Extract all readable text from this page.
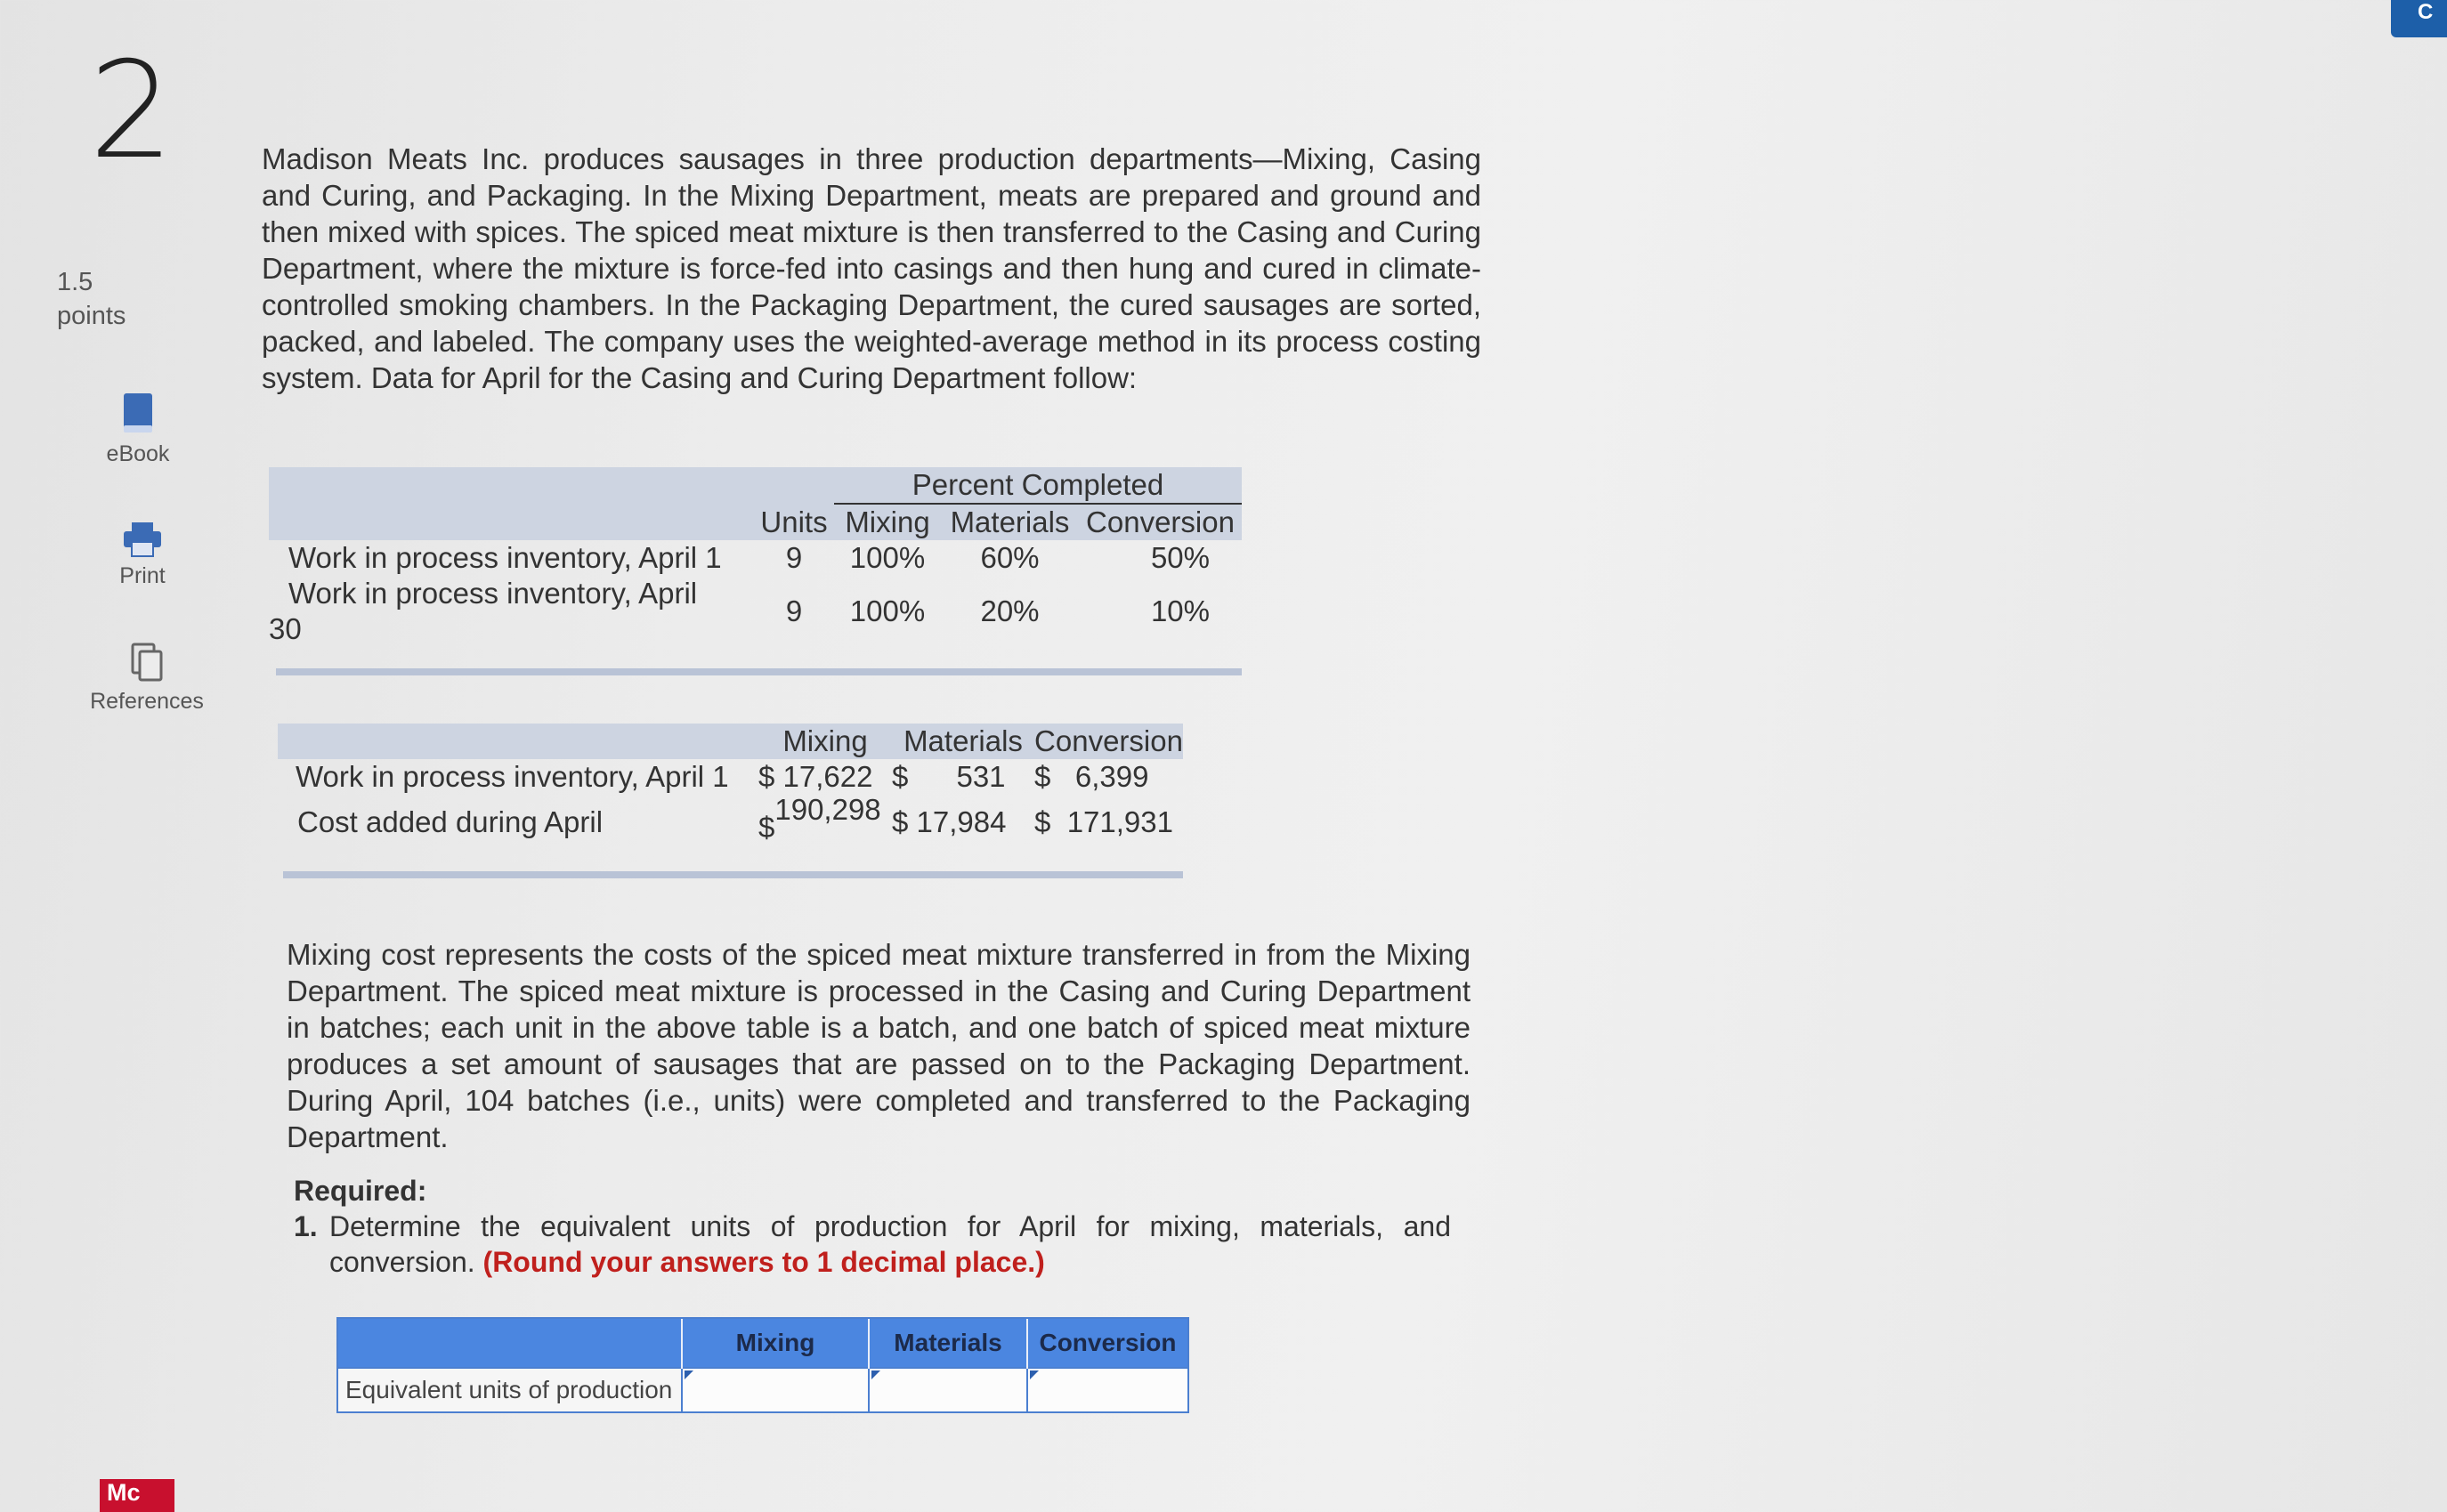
2
1.5
points
eBook
Print
References
Mc
C
Madison Meats Inc. produces sausages in three production departments—Mixing, Casing and Curing, and Packaging. In the Mixing Department, meats are prepared and ground and then mixed with spices. The spiced meat mixture is then transferred to the Casing and Curing Department, where the mixture is force-fed into casings and then hung and cured in climate-controlled smoking chambers. In the Packaging Department, the cured sausages are sorted, packed, and labeled. The company uses the weighted-average method in its process costing system. Data for April for the Casing and Curing Department follow:
		Percent Completed		
	Units	Mixing	Materials	Conversion
Work in process inventory, April 1	9	100%	60%	50%

Work in process inventory, April
30	9	100%	20%	10%
	Mixing	Materials	Conversion
Work in process inventory, April 1	$ 17,622	$ 531	$   6,399
Cost added during April	$190,298	$ 17,984	$  171,931
Mixing cost represents the costs of the spiced meat mixture transferred in from the Mixing Department. The spiced meat mixture is processed in the Casing and Curing Department in batches; each unit in the above table is a batch, and one batch of spiced meat mixture produces a set amount of sausages that are passed on to the Packaging Department. During April, 104 batches (i.e., units) were completed and transferred to the Packaging Department.
Required:
1. Determine the equivalent units of production for April for mixing, materials, and conversion. (Round your answers to 1 decimal place.)
	Mixing	Materials	Conversion
Equivalent units of production			
